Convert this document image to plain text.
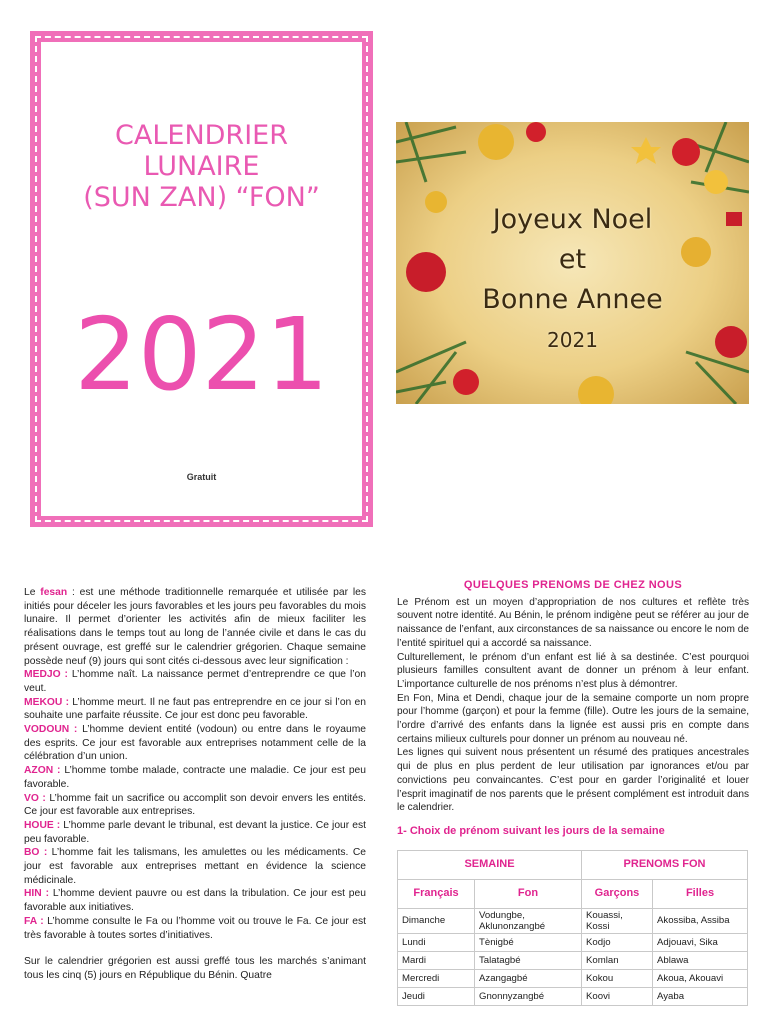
CALENDRIER
LUNAIRE
(SUN ZAN) “FON”
2021
Gratuit
Joyeux Noel
et
Bonne Annee
2021

Le fesan : est une méthode traditionnelle remarquée et utilisée par les initiés pour déceler les jours favorables et les jours peu favorables du mois lunaire. Il permet d’orienter les activités afin de mieux faciliter les réalisations dans le temps tout au long de l’année civile et dans le cas du présent ouvrage, est greffé sur le calendrier grégorien. Chaque semaine possède neuf (9) jours qui sont cités ci-dessous avec leur signification :

MEDJO : L’homme naît. La naissance permet d’entreprendre ce que l’on veut.

MEKOU : L’homme meurt. Il ne faut pas entreprendre en ce jour si l’on en souhaite une parfaite réussite. Ce jour est donc peu favorable.

VODOUN : L’homme devient entité (vodoun) ou entre dans le royaume des esprits. Ce jour est favorable aux entreprises notamment celle de la célébration d’un union.

AZON : L’homme tombe malade, contracte une maladie. Ce jour est peu favorable.

VO : L’homme fait un sacrifice ou accomplit son devoir envers les entités. Ce jour est favorable aux entreprises.

HOUE : L’homme parle devant le tribunal, est devant la justice. Ce jour est peu favorable.

BO : L’homme fait les talismans, les amulettes ou les médicaments. Ce jour est favorable aux entreprises mettant en évidence la science médicinale.

HIN : L’homme devient pauvre ou est dans la tribulation. Ce jour est peu favorable aux initiatives.

FA : L’homme consulte le Fa ou l’homme voit ou trouve le Fa. Ce jour est très favorable à toutes sortes d’initiatives.

Sur le calendrier grégorien est aussi greffé tous les marchés s’animant tous les cinq (5) jours en République du Bénin. Quatre

QUELQUES PRENOMS DE CHEZ NOUS

Le Prénom est un moyen d’appropriation de nos cultures et reflète très souvent notre identité. Au Bénin, le prénom indigène peut se référer au jour de naissance de l’enfant, aux circonstances de sa naissance ou encore le nom de l’entité spirituel qui a accordé sa naissance.

Culturellement, le prénom d’un enfant est lié à sa destinée. C’est pourquoi plusieurs familles consultent avant de donner un prénom à leur enfant. L’importance culturelle de nos prénoms n’est plus à démontrer.

En Fon, Mina et Dendi, chaque jour de la semaine comporte un nom propre pour l’homme (garçon) et pour la femme (fille). Outre les jours de la semaine, l’ordre d’arrivé des enfants dans la lignée est aussi pris en compte dans certains milieux culturels pour donner un prénom au nouveau né.

Les lignes qui suivent nous présentent un résumé des pratiques ancestrales qui de plus en plus perdent de leur utilisation par ignorances et/ou par convictions peu convaincantes. C’est pour en garder l’originalité et louer l’esprit imaginatif de nos parents que le présent complément est introduit dans le calendrier.

1- Choix de prénom suivant les jours de la semaine
SEMAINE		PRENOMS FON	
Français	Fon	Garçons	Filles
Dimanche	Vodungbe, Aklunonzangbé	Kouassi, Kossi	Akossiba, Assiba
Lundi	Tènigbé	Kodjo	Adjouavi, Sika
Mardi	Talatagbé	Komlan	Ablawa
Mercredi	Azangagbé	Kokou	Akoua, Akouavi
Jeudi	Gnonnyzangbé	Koovi	Ayaba
